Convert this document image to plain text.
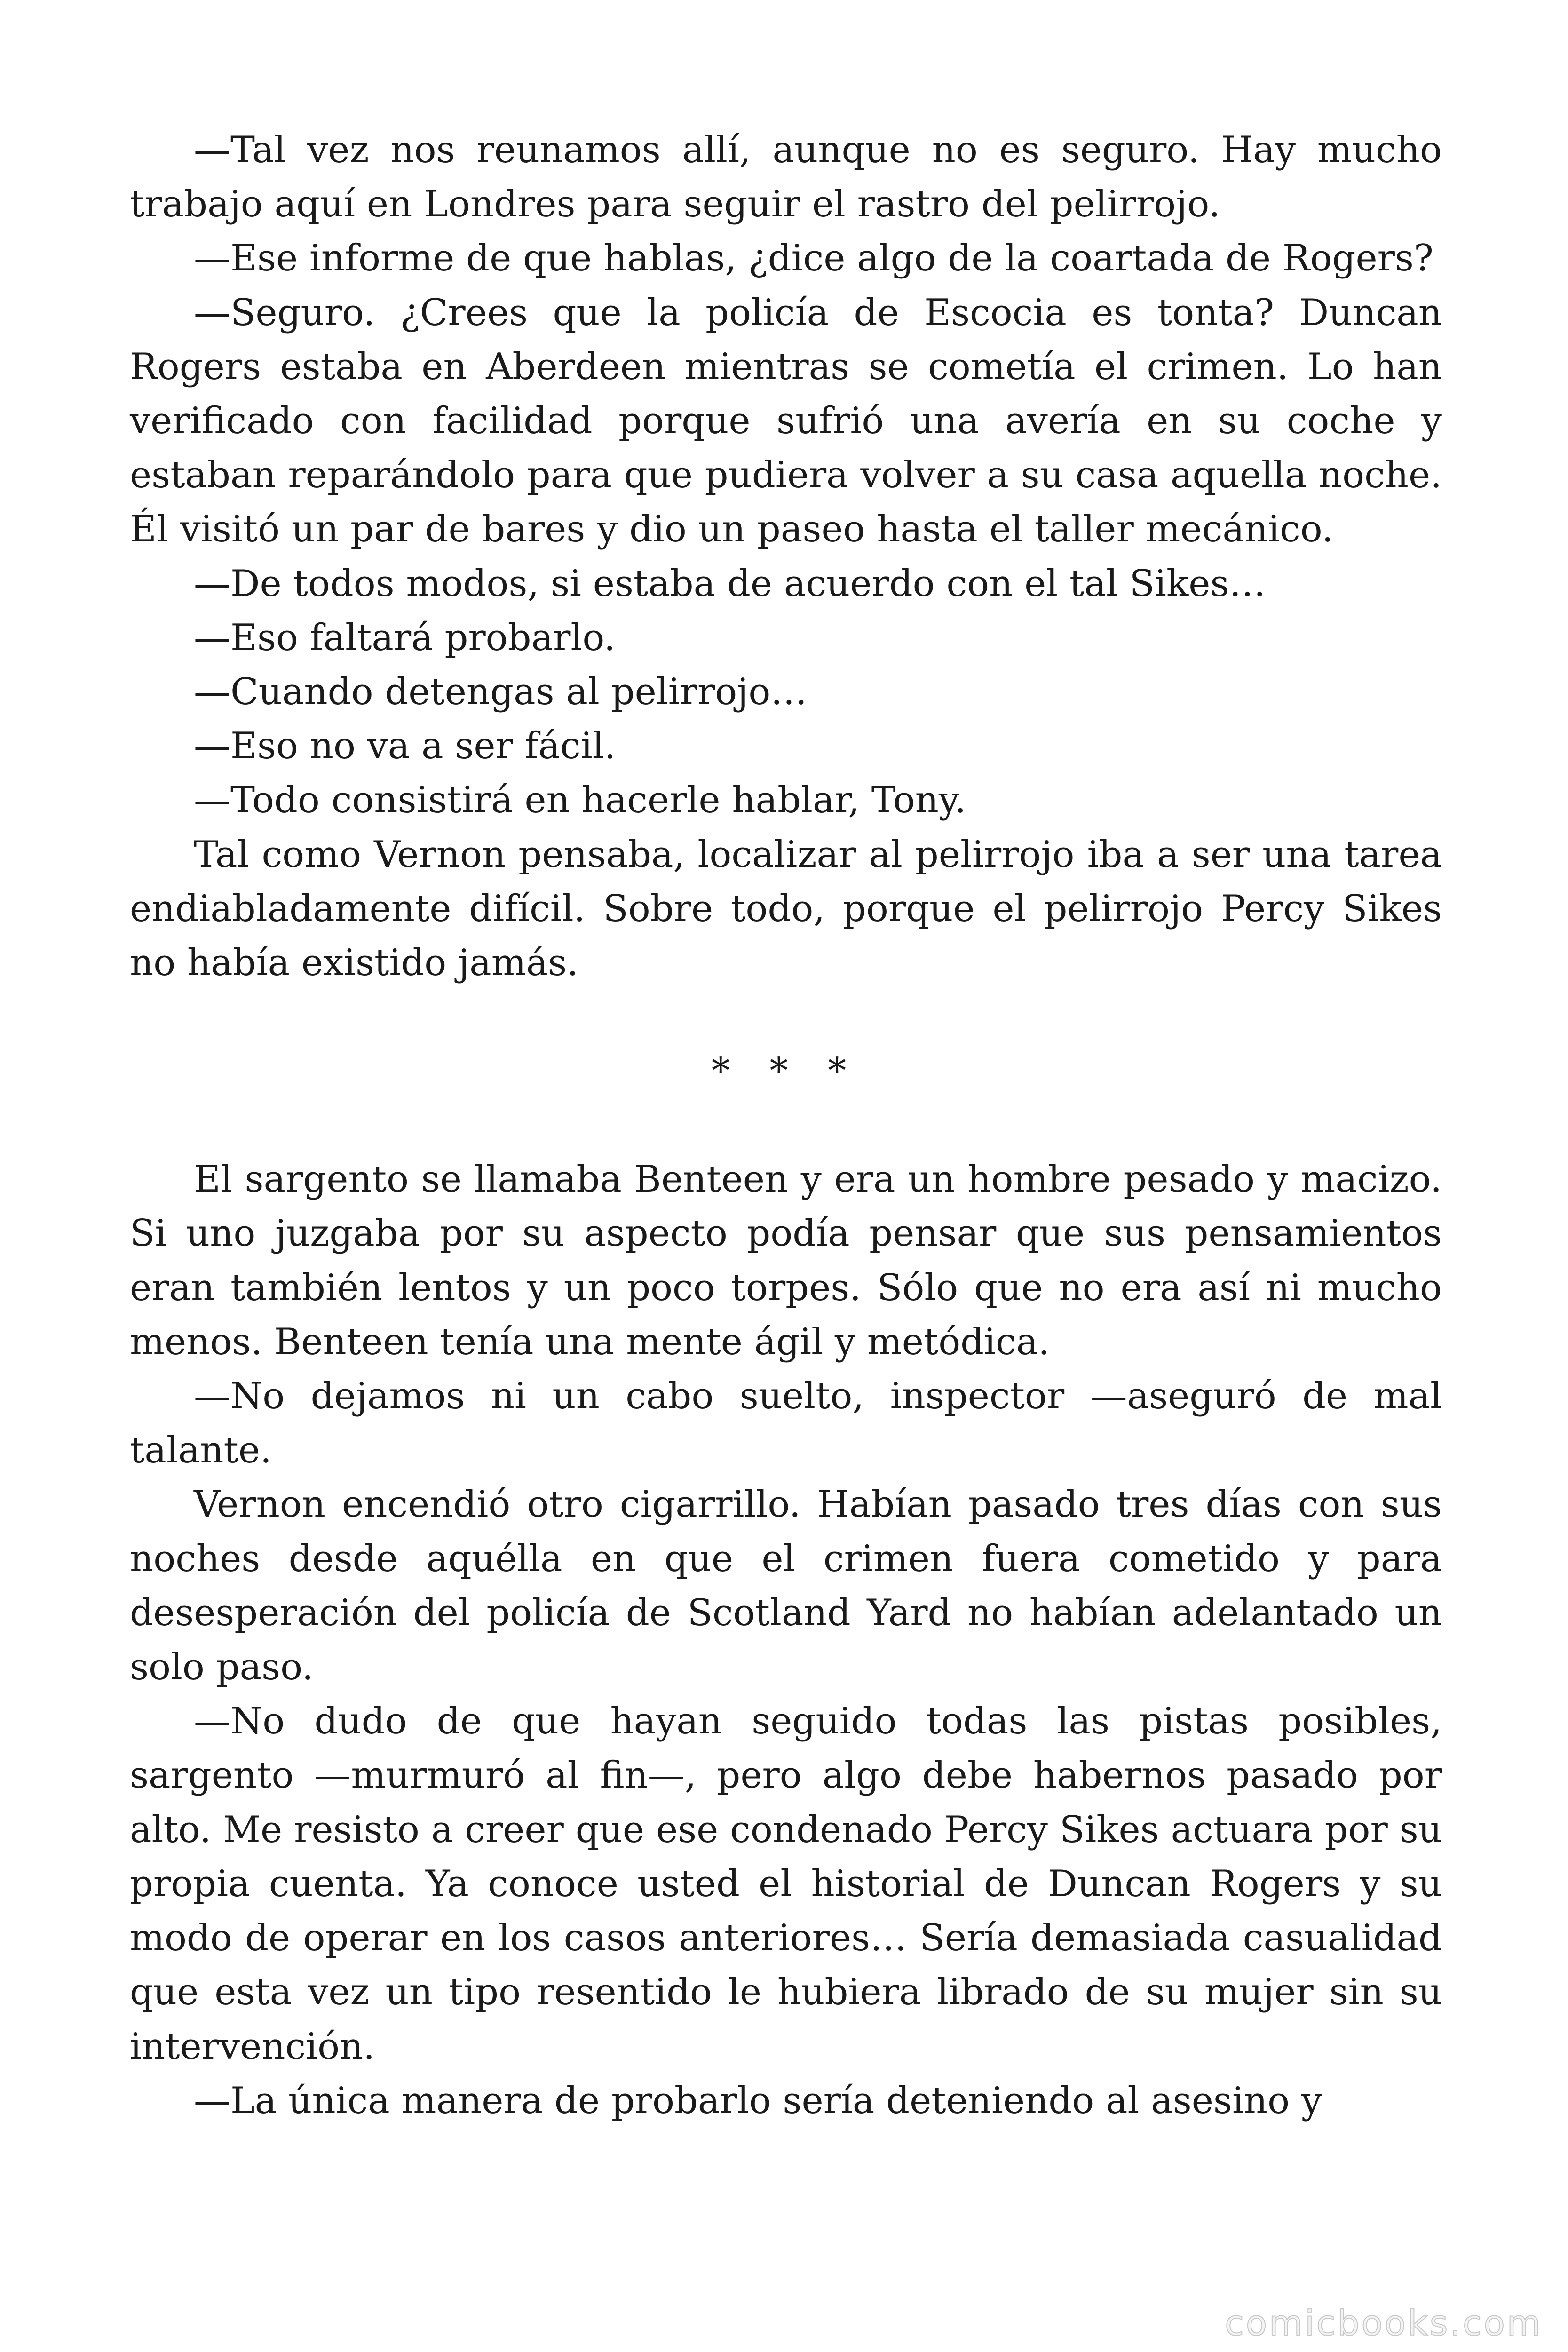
—Tal vez nos reunamos allí, aunque no es seguro. Hay mucho trabajo aquí en Londres para seguir el rastro del pelirrojo.

—Ese informe de que hablas, ¿dice algo de la coartada de Rogers?

—Seguro. ¿Crees que la policía de Escocia es tonta? Duncan Rogers estaba en Aberdeen mientras se cometía el crimen. Lo han verificado con facilidad porque sufrió una avería en su coche y estaban reparándolo para que pudiera volver a su casa aquella noche. Él visitó un par de bares y dio un paseo hasta el taller mecánico.

—De todos modos, si estaba de acuerdo con el tal Sikes…

—Eso faltará probarlo.

—Cuando detengas al pelirrojo…

—Eso no va a ser fácil.

—Todo consistirá en hacerle hablar, Tony.

Tal como Vernon pensaba, localizar al pelirrojo iba a ser una tarea endiabladamente difícil. Sobre todo, porque el pelirrojo Percy Sikes no había existido jamás.

* * *

El sargento se llamaba Benteen y era un hombre pesado y macizo. Si uno juzgaba por su aspecto podía pensar que sus pensamientos eran también lentos y un poco torpes. Sólo que no era así ni mucho menos. Benteen tenía una mente ágil y metódica.

—No dejamos ni un cabo suelto, inspector —aseguró de mal talante.

Vernon encendió otro cigarrillo. Habían pasado tres días con sus noches desde aquélla en que el crimen fuera cometido y para desesperación del policía de Scotland Yard no habían adelantado un solo paso.

—No dudo de que hayan seguido todas las pistas posibles, sargento —murmuró al fin—, pero algo debe habernos pasado por alto. Me resisto a creer que ese condenado Percy Sikes actuara por su propia cuenta. Ya conoce usted el historial de Duncan Rogers y su modo de operar en los casos anteriores… Sería demasiada casualidad que esta vez un tipo resentido le hubiera librado de su mujer sin su intervención.

—La única manera de probarlo sería deteniendo al asesino y

comicbooks.com
